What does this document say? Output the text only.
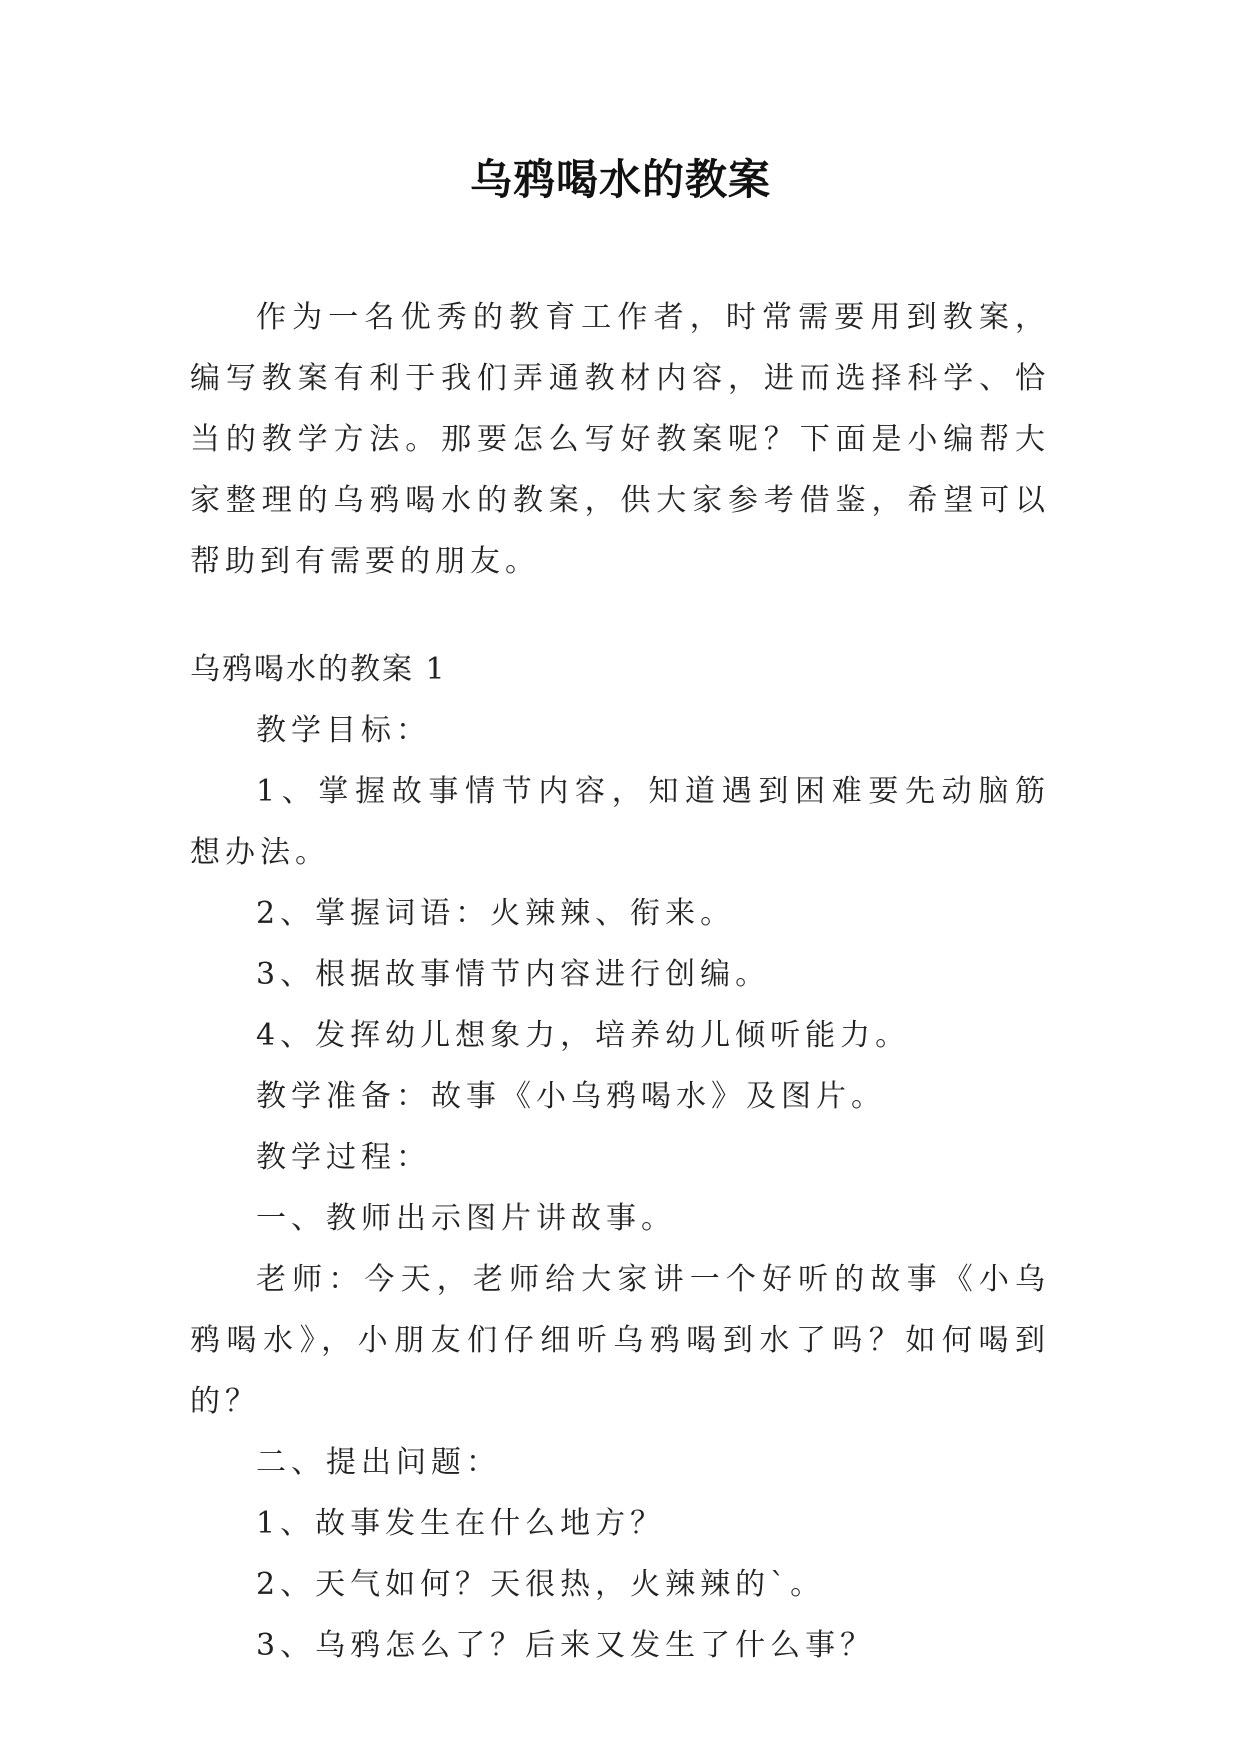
乌鸦喝水的教案
作为一名优秀的教育工作者，时常需要用到教案，编写教案有利于我们弄通教材内容，进而选择科学、恰当的教学方法。那要怎么写好教案呢？下面是小编帮大家整理的乌鸦喝水的教案，供大家参考借鉴，希望可以帮助到有需要的朋友。
乌鸦喝水的教案 1

教学目标：

1、掌握故事情节内容，知道遇到困难要先动脑筋想办法。

2、掌握词语：火辣辣、衔来。

3、根据故事情节内容进行创编。

4、发挥幼儿想象力，培养幼儿倾听能力。

教学准备：故事《小乌鸦喝水》及图片。

教学过程：

一、教师出示图片讲故事。

老师：今天，老师给大家讲一个好听的故事《小乌鸦喝水》，小朋友们仔细听乌鸦喝到水了吗？如何喝到的？

二、提出问题：

1、故事发生在什么地方？

2、天气如何？天很热，火辣辣的`。

3、乌鸦怎么了？后来又发生了什么事？
